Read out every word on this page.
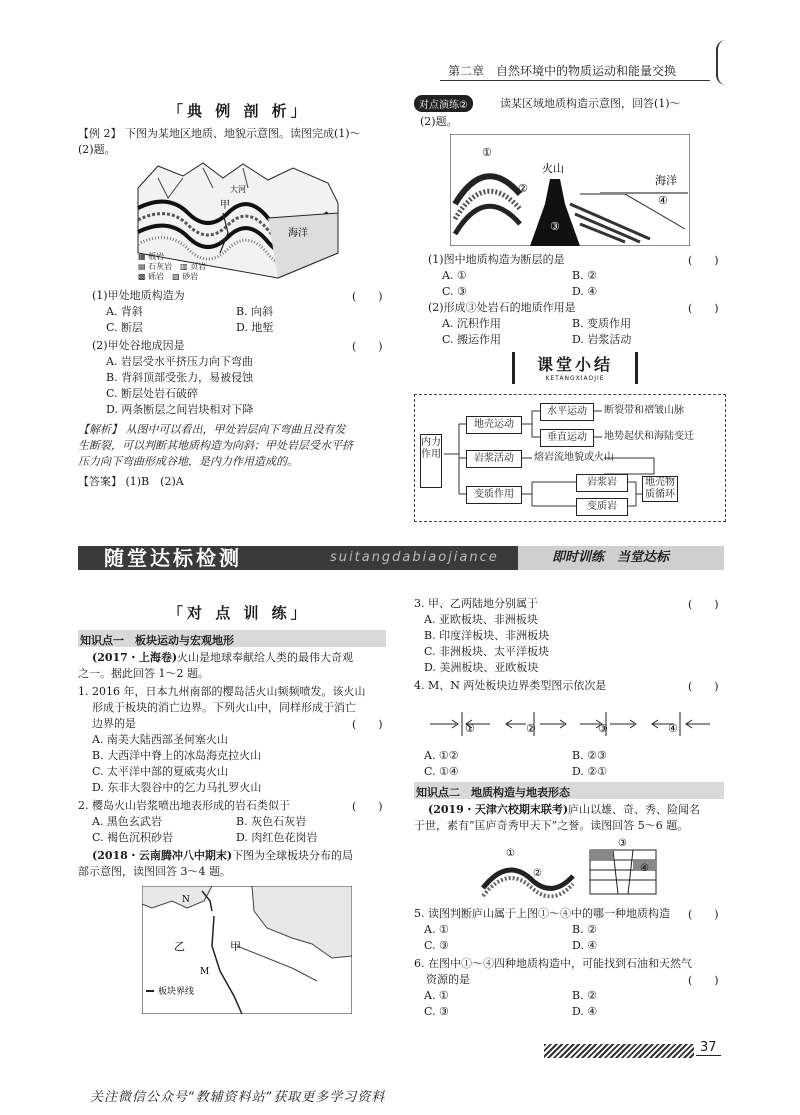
第二章　自然环境中的物质运动和能量交换
「典 例 剖 析」
【例 2】 下图为某地区地质、地貌示意图。读图完成(1)～
(2)题。
甲
大河
海洋
▦ 板岩
▤ 石灰岩　▥ 页岩
▩ 砾岩　▧ 砂岩
(1)甲处地质构造为	(　　)
A. 背斜	B. 向斜
C. 断层	D. 地堑
(2)甲处谷地成因是	(　　)
A. 岩层受水平挤压力向下弯曲
B. 背斜顶部受张力，易被侵蚀
C. 断层处岩石破碎
D. 两条断层之间岩块相对下降
【解析】 从图中可以看出，甲处岩层向下弯曲且没有发
生断裂，可以判断其地质构造为向斜；甲处岩层受水平挤
压力向下弯曲形成谷地，是内力作用造成的。
【答案】 (1)B　(2)A
对点演练②	读某区域地质构造示意图，回答(1)～
(2)题。
①
②
③
④
火山
海洋
(1)图中地质构造为断层的是	(　　)
A. ①	B. ②
C. ③	D. ④
(2)形成③处岩石的地质作用是	(　　)
A. 沉积作用	B. 变质作用
C. 搬运作用	D. 岩浆活动
课堂小结
KETANGXIAOJIE
内力作用
地壳运动
水平运动
垂直运动
断裂带和褶皱山脉
地势起伏和海陆变迁
岩浆活动	熔岩流地貌或火山
变质作用
岩浆岩
变质岩
地壳物质循环
随堂达标检测	suitangdabiaojiance	即时训练　当堂达标
「对 点 训 练」
知识点一　板块运动与宏观地形
(2017・上海卷)火山是地球奉献给人类的最伟大奇观
之一。据此回答 1～2 题。
1. 2016 年，日本九州南部的樱岛活火山频频喷发。该火山
形成于板块的消亡边界。下列火山中，同样形成于消亡
边界的是	(　　)
A. 南美大陆西部圣何塞火山
B. 大西洋中脊上的冰岛海克拉火山
C. 太平洋中部的夏威夷火山
D. 东非大裂谷中的乞力马扎罗火山
2. 樱岛火山岩浆喷出地表形成的岩石类似于	(　　)
A. 黑色玄武岩	B. 灰色石灰岩
C. 褐色沉积砂岩	D. 肉红色花岗岩
(2018・云南腾冲八中期末)下图为全球板块分布的局
部示意图，读图回答 3～4 题。
N
乙	甲
M
板块界线
3. 甲、乙两陆地分别属于	(　　)
A. 亚欧板块、非洲板块
B. 印度洋板块、非洲板块
C. 非洲板块、太平洋板块
D. 美洲板块、亚欧板块
4. M、N 两处板块边界类型图示依次是	(　　)
①	②	③	④
A. ①②	B. ②③
C. ①④	D. ②①
知识点二　地质构造与地表形态
(2019・天津六校期末联考)庐山以雄、奇、秀、险闻名
于世，素有“匡庐奇秀甲天下”之誉。读图回答 5～6 题。
①
②
③
④
5. 读图判断庐山属于上图①～④中的哪一种地质构造 (　　)
A. ①	B. ②
C. ③	D. ④
6. 在图中①～④四种地质构造中，可能找到石油和天然气
资源的是	(　　)
A. ①	B. ②
C. ③	D. ④
37
关注微信公众号“教辅资料站”获取更多学习资料
